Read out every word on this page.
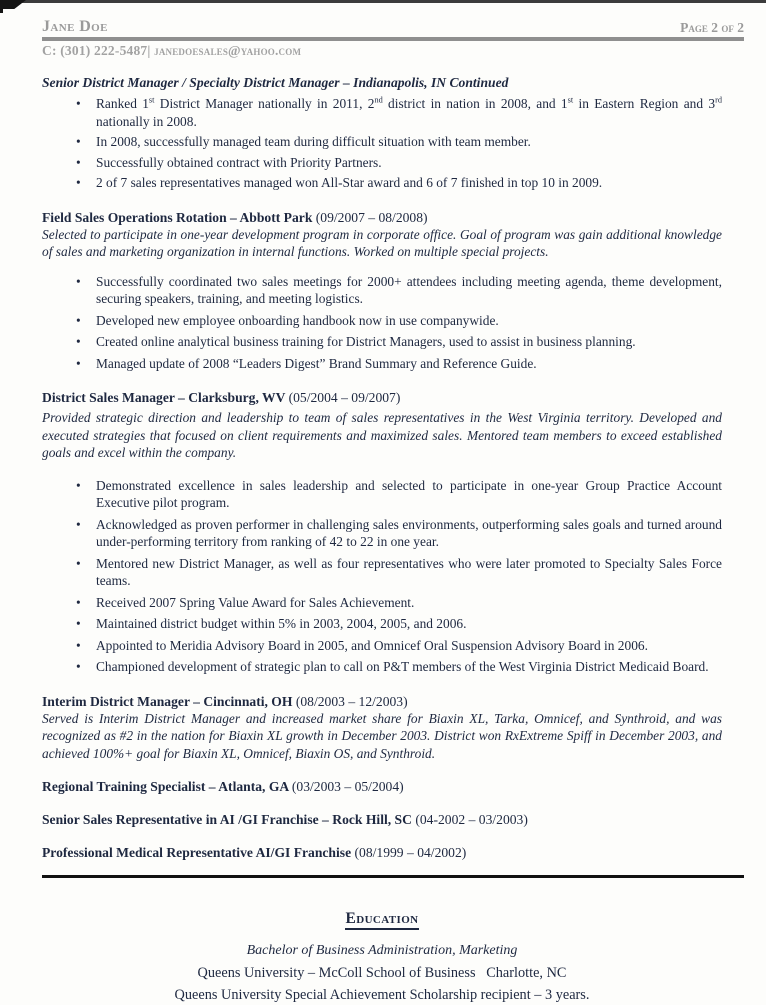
Jane Doe	Page 2 of 2
C: (301) 222-5487| janedoesales@yahoo.com
Senior District Manager / Specialty District Manager – Indianapolis, IN Continued
• Ranked 1st District Manager nationally in 2011, 2nd district in nation in 2008, and 1st in Eastern Region and 3rd nationally in 2008.
• In 2008, successfully managed team during difficult situation with team member.
• Successfully obtained contract with Priority Partners.
• 2 of 7 sales representatives managed won All-Star award and 6 of 7 finished in top 10 in 2009.
Field Sales Operations Rotation – Abbott Park (09/2007 – 08/2008)

Selected to participate in one-year development program in corporate office. Goal of program was gain additional knowledge of sales and marketing organization in internal functions. Worked on multiple special projects.

• Successfully coordinated two sales meetings for 2000+ attendees including meeting agenda, theme development, securing speakers, training, and meeting logistics.
• Developed new employee onboarding handbook now in use companywide.
• Created online analytical business training for District Managers, used to assist in business planning.
• Managed update of 2008 “Leaders Digest” Brand Summary and Reference Guide.
District Sales Manager – Clarksburg, WV (05/2004 – 09/2007)

Provided strategic direction and leadership to team of sales representatives in the West Virginia territory. Developed and executed strategies that focused on client requirements and maximized sales. Mentored team members to exceed established goals and excel within the company.

• Demonstrated excellence in sales leadership and selected to participate in one-year Group Practice Account Executive pilot program.
• Acknowledged as proven performer in challenging sales environments, outperforming sales goals and turned around under-performing territory from ranking of 42 to 22 in one year.
• Mentored new District Manager, as well as four representatives who were later promoted to Specialty Sales Force teams.
• Received 2007 Spring Value Award for Sales Achievement.
• Maintained district budget within 5% in 2003, 2004, 2005, and 2006.
• Appointed to Meridia Advisory Board in 2005, and Omnicef Oral Suspension Advisory Board in 2006.
• Championed development of strategic plan to call on P&T members of the West Virginia District Medicaid Board.
Interim District Manager – Cincinnati, OH (08/2003 – 12/2003)

Served is Interim District Manager and increased market share for Biaxin XL, Tarka, Omnicef, and Synthroid, and was recognized as #2 in the nation for Biaxin XL growth in December 2003. District won RxExtreme Spiff in December 2003, and achieved 100%+ goal for Biaxin XL, Omnicef, Biaxin OS, and Synthroid.

Regional Training Specialist – Atlanta, GA (03/2003 – 05/2004)
Senior Sales Representative in AI /GI Franchise – Rock Hill, SC (04-2002 – 03/2003)
Professional Medical Representative AI/GI Franchise (08/1999 – 04/2002)
Education
Bachelor of Business Administration, Marketing
Queens University – McColl School of Business   Charlotte, NC
Queens University Special Achievement Scholarship recipient – 3 years.
